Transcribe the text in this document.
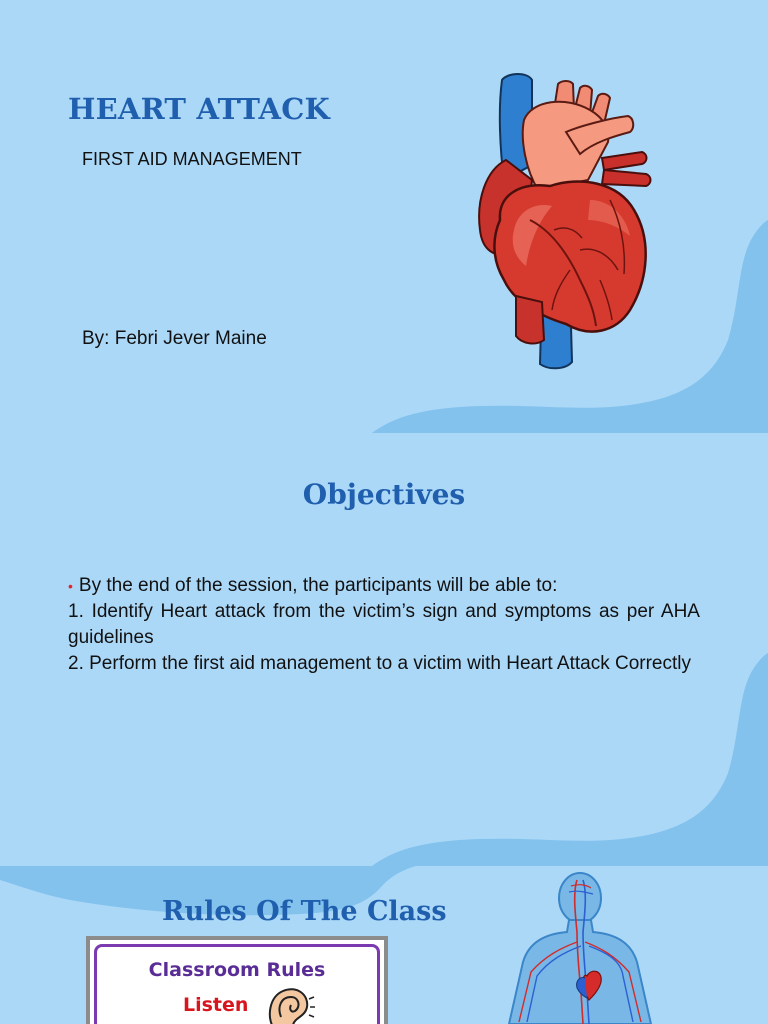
HEART ATTACK
FIRST AID MANAGEMENT
By: Febri Jever Maine
Objectives
• By the end of the session, the participants will be able to:
1. Identify Heart attack from the victim’s sign and symptoms as per AHA guidelines
2. Perform the first aid management to a victim with Heart Attack Correctly
Rules Of The Class
Classroom Rules
Listen
